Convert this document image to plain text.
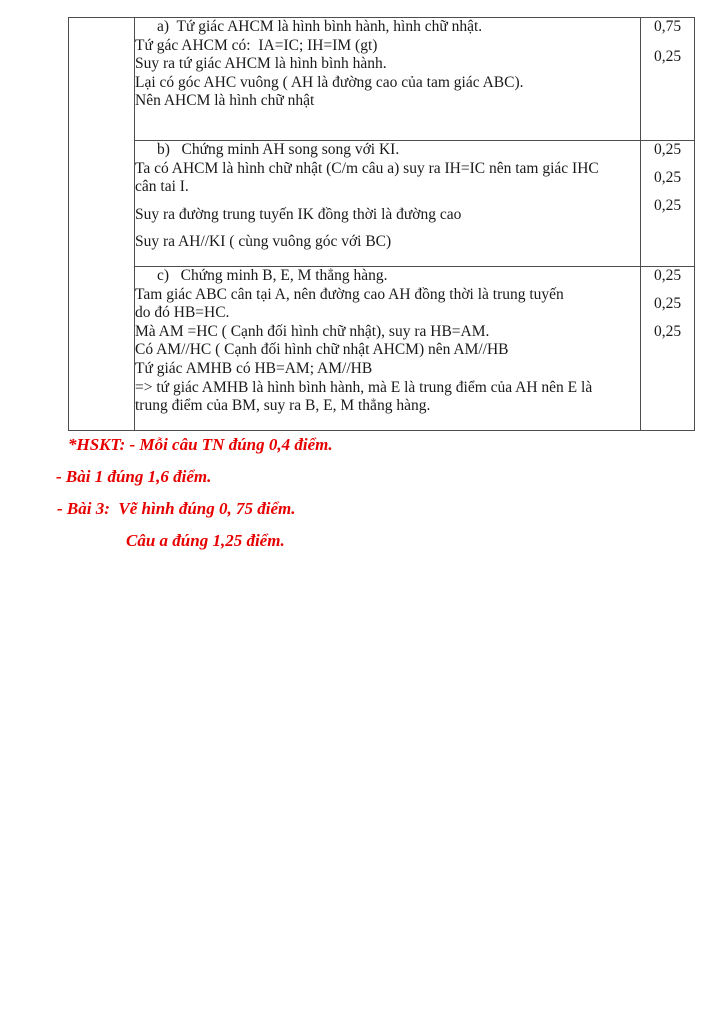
a)  Tứ giác AHCM là hình bình hành, hình chữ nhật.
Tứ gác AHCM có:  IA=IC; IH=IM (gt)
Suy ra tứ giác AHCM là hình bình hành.
Lại có góc AHC vuông ( AH là đường cao của tam giác ABC).
Nên AHCM là hình chữ nhật

0,75
0,25

b)   Chứng minh AH song song với KI.
Ta có AHCM là hình chữ nhật (C/m câu a) suy ra IH=IC nên tam giác IHC
cân tai I.
Suy ra đường trung tuyến IK đồng thời là đường cao
Suy ra AH//KI ( cùng vuông góc với BC)

0,25
0,25
0,25

c)   Chứng minh B, E, M thẳng hàng.
Tam giác ABC cân tại A, nên đường cao AH đồng thời là trung tuyến
do đó HB=HC.
Mà AM =HC ( Cạnh đối hình chữ nhật), suy ra HB=AM.
Có AM//HC ( Cạnh đối hình chữ nhật AHCM) nên AM//HB
Tứ giác AMHB có HB=AM; AM//HB
=> tứ giác AMHB là hình bình hành, mà E là trung điểm của AH nên E là
trung điểm của BM, suy ra B, E, M thẳng hàng.

0,25
0,25
0,25
*HSKT: - Mỗi câu TN đúng 0,4 điểm.
- Bài 1 đúng 1,6 điểm.
- Bài 3:  Vẽ hình đúng 0, 75 điểm.
Câu a đúng 1,25 điểm.
